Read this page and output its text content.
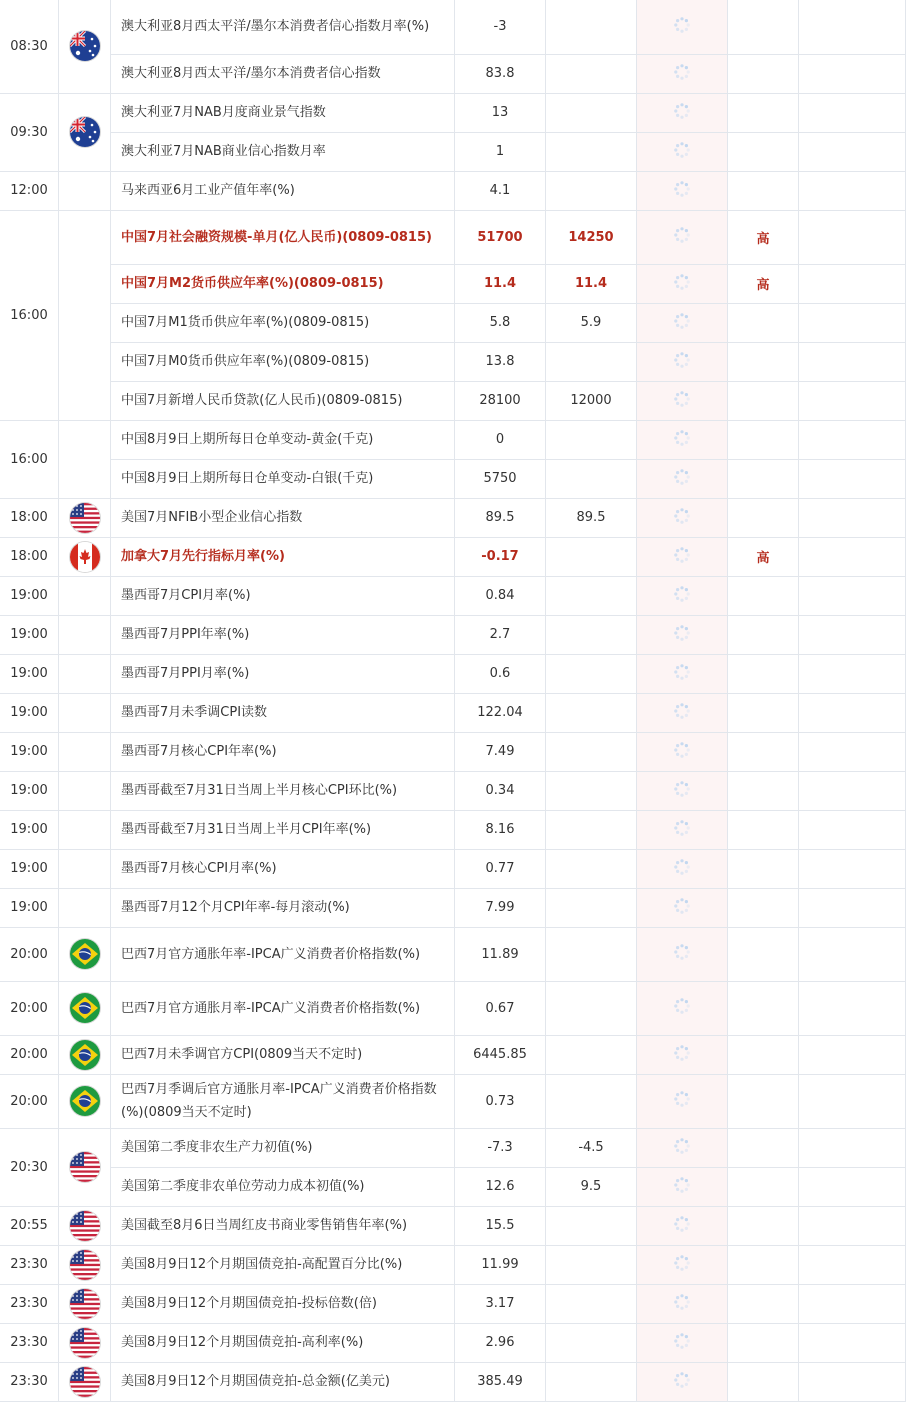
08:30		澳大利亚8月西太平洋/墨尔本消费者信心指数月率(%)	-3				
		澳大利亚8月西太平洋/墨尔本消费者信心指数	83.8				
09:30		澳大利亚7月NAB月度商业景气指数	13				
		澳大利亚7月NAB商业信心指数月率	1				
12:00		马来西亚6月工业产值年率(%)	4.1				
16:00		中国7月社会融资规模-单月(亿人民币)(0809-0815)	51700	14250		高	
		中国7月M2货币供应年率(%)(0809-0815)	11.4	11.4		高	
		中国7月M1货币供应年率(%)(0809-0815)	5.8	5.9			
		中国7月M0货币供应年率(%)(0809-0815)	13.8				
		中国7月新增人民币贷款(亿人民币)(0809-0815)	28100	12000			
16:00		中国8月9日上期所每日仓单变动-黄金(千克)	0				
		中国8月9日上期所每日仓单变动-白银(千克)	5750				
18:00		美国7月NFIB小型企业信心指数	89.5	89.5			
18:00		加拿大7月先行指标月率(%)	-0.17			高	
19:00		墨西哥7月CPI月率(%)	0.84				
19:00		墨西哥7月PPI年率(%)	2.7				
19:00		墨西哥7月PPI月率(%)	0.6				
19:00		墨西哥7月未季调CPI读数	122.04				
19:00		墨西哥7月核心CPI年率(%)	7.49				
19:00		墨西哥截至7月31日当周上半月核心CPI环比(%)	0.34				
19:00		墨西哥截至7月31日当周上半月CPI年率(%)	8.16				
19:00		墨西哥7月核心CPI月率(%)	0.77				
19:00		墨西哥7月12个月CPI年率-每月滚动(%)	7.99				
20:00		巴西7月官方通胀年率-IPCA广义消费者价格指数(%)	11.89				
20:00		巴西7月官方通胀月率-IPCA广义消费者价格指数(%)	0.67				
20:00		巴西7月未季调官方CPI(0809当天不定时)	6445.85				
20:00		巴西7月季调后官方通胀月率-IPCA广义消费者价格指数(%)(0809当天不定时)	0.73				
20:30		美国第二季度非农生产力初值(%)	-7.3	-4.5			
		美国第二季度非农单位劳动力成本初值(%)	12.6	9.5			
20:55		美国截至8月6日当周红皮书商业零售销售年率(%)	15.5				
23:30		美国8月9日12个月期国债竞拍-高配置百分比(%)	11.99				
23:30		美国8月9日12个月期国债竞拍-投标倍数(倍)	3.17				
23:30		美国8月9日12个月期国债竞拍-高利率(%)	2.96				
23:30		美国8月9日12个月期国债竞拍-总金额(亿美元)	385.49				
